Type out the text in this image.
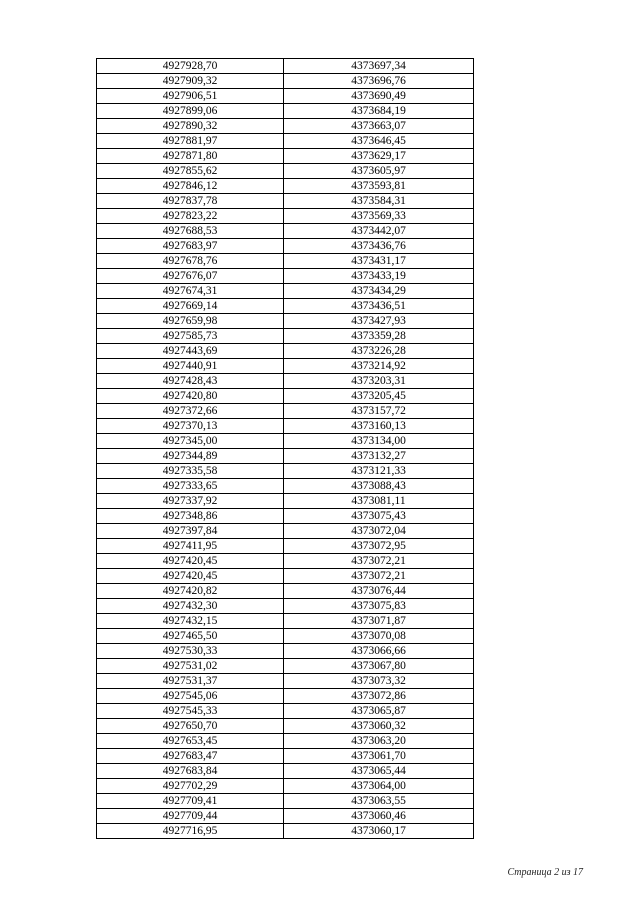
4927928,70	4373697,34
4927909,32	4373696,76
4927906,51	4373690,49
4927899,06	4373684,19
4927890,32	4373663,07
4927881,97	4373646,45
4927871,80	4373629,17
4927855,62	4373605,97
4927846,12	4373593,81
4927837,78	4373584,31
4927823,22	4373569,33
4927688,53	4373442,07
4927683,97	4373436,76
4927678,76	4373431,17
4927676,07	4373433,19
4927674,31	4373434,29
4927669,14	4373436,51
4927659,98	4373427,93
4927585,73	4373359,28
4927443,69	4373226,28
4927440,91	4373214,92
4927428,43	4373203,31
4927420,80	4373205,45
4927372,66	4373157,72
4927370,13	4373160,13
4927345,00	4373134,00
4927344,89	4373132,27
4927335,58	4373121,33
4927333,65	4373088,43
4927337,92	4373081,11
4927348,86	4373075,43
4927397,84	4373072,04
4927411,95	4373072,95
4927420,45	4373072,21
4927420,45	4373072,21
4927420,82	4373076,44
4927432,30	4373075,83
4927432,15	4373071,87
4927465,50	4373070,08
4927530,33	4373066,66
4927531,02	4373067,80
4927531,37	4373073,32
4927545,06	4373072,86
4927545,33	4373065,87
4927650,70	4373060,32
4927653,45	4373063,20
4927683,47	4373061,70
4927683,84	4373065,44
4927702,29	4373064,00
4927709,41	4373063,55
4927709,44	4373060,46
4927716,95	4373060,17
Страница 2 из 17
